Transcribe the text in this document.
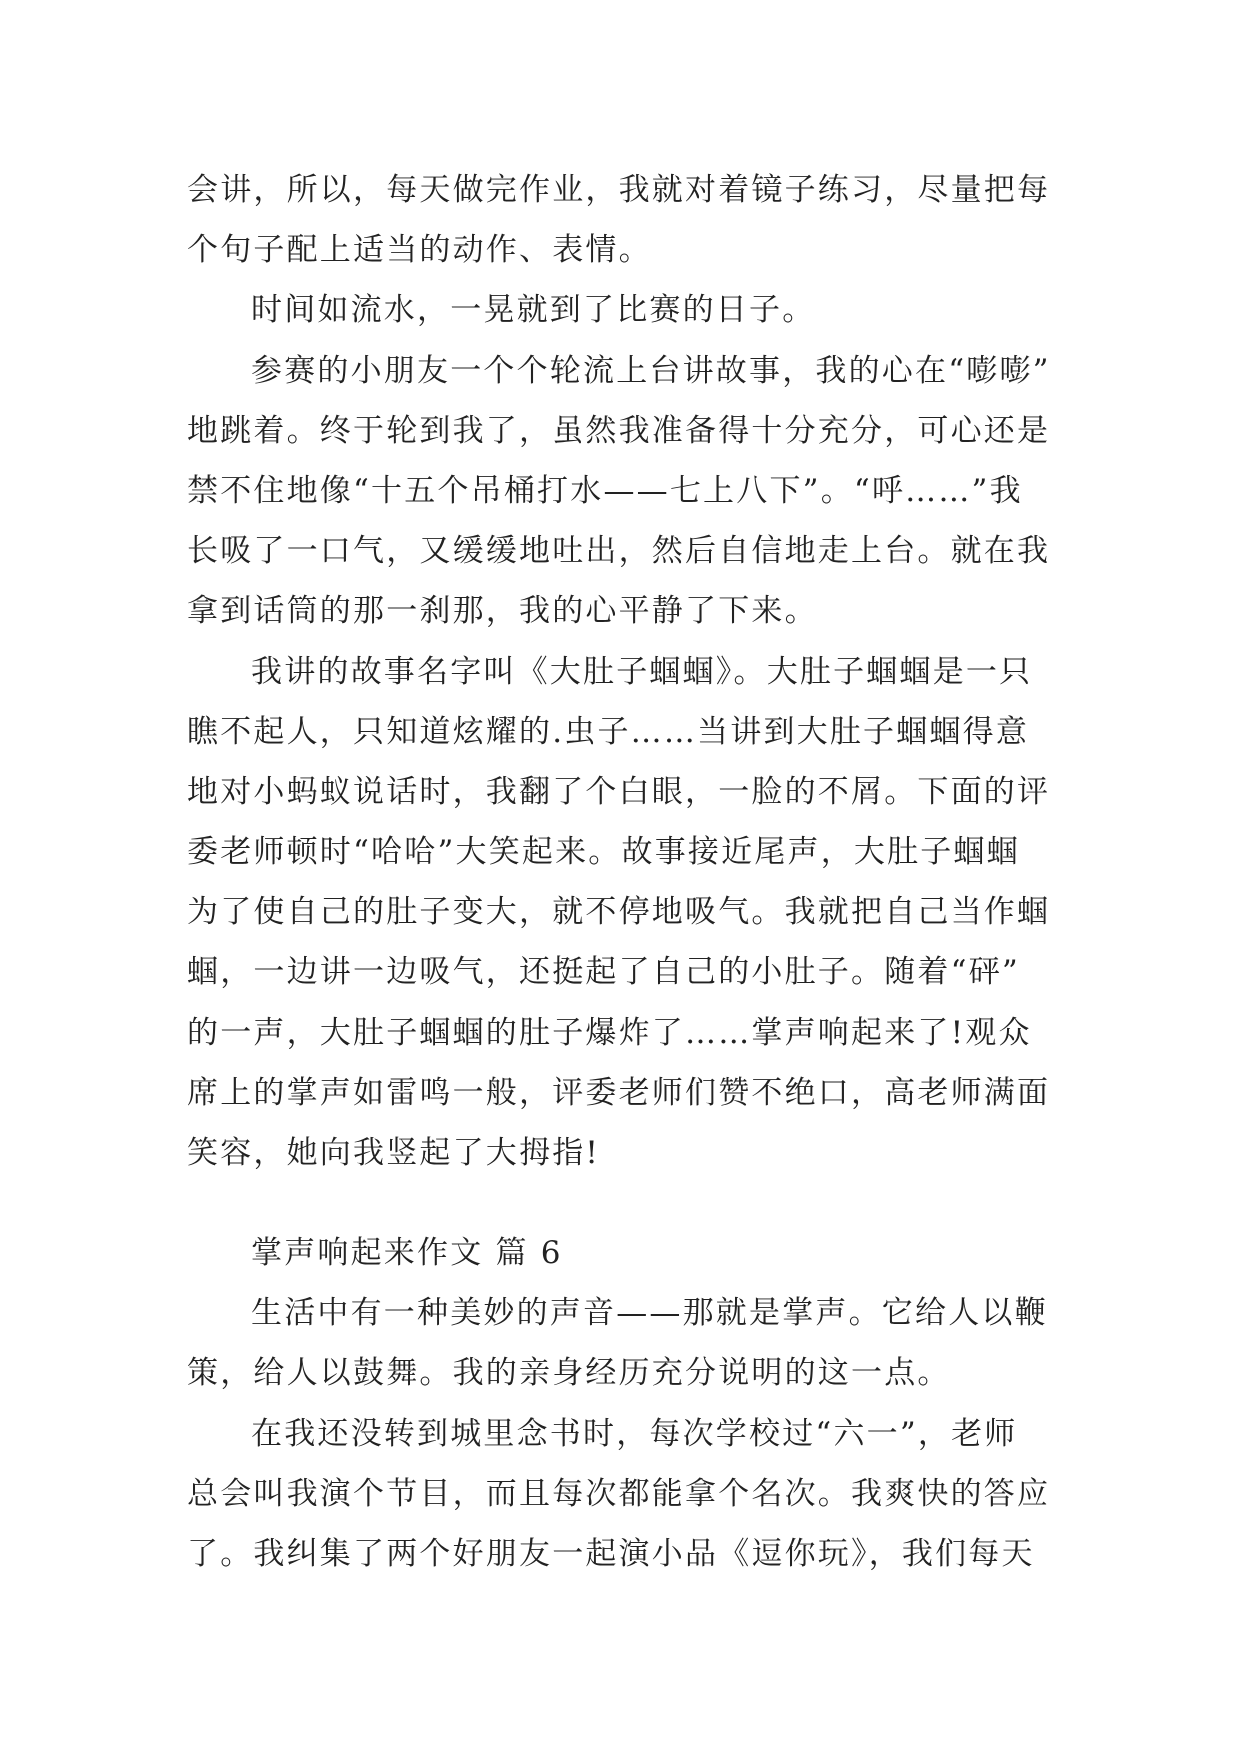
会讲，所以，每天做完作业，我就对着镜子练习，尽量把每
个句子配上适当的动作、表情。
时间如流水，一晃就到了比赛的日子。
参赛的小朋友一个个轮流上台讲故事，我的心在“嘭嘭”
地跳着。终于轮到我了，虽然我准备得十分充分，可心还是
禁不住地像“十五个吊桶打水——七上八下”。“呼……”我
长吸了一口气，又缓缓地吐出，然后自信地走上台。就在我
拿到话筒的那一刹那，我的心平静了下来。
我讲的故事名字叫《大肚子蝈蝈》。大肚子蝈蝈是一只
瞧不起人，只知道炫耀的.虫子……当讲到大肚子蝈蝈得意
地对小蚂蚁说话时，我翻了个白眼，一脸的不屑。下面的评
委老师顿时“哈哈”大笑起来。故事接近尾声，大肚子蝈蝈
为了使自己的肚子变大，就不停地吸气。我就把自己当作蝈
蝈，一边讲一边吸气，还挺起了自己的小肚子。随着“砰”
的一声，大肚子蝈蝈的肚子爆炸了……掌声响起来了!观众
席上的掌声如雷鸣一般，评委老师们赞不绝口，高老师满面
笑容，她向我竖起了大拇指!
掌声响起来作文 篇 6
生活中有一种美妙的声音——那就是掌声。它给人以鞭
策，给人以鼓舞。我的亲身经历充分说明的这一点。
在我还没转到城里念书时，每次学校过“六一”，老师
总会叫我演个节目，而且每次都能拿个名次。我爽快的答应
了。我纠集了两个好朋友一起演小品《逗你玩》，我们每天
